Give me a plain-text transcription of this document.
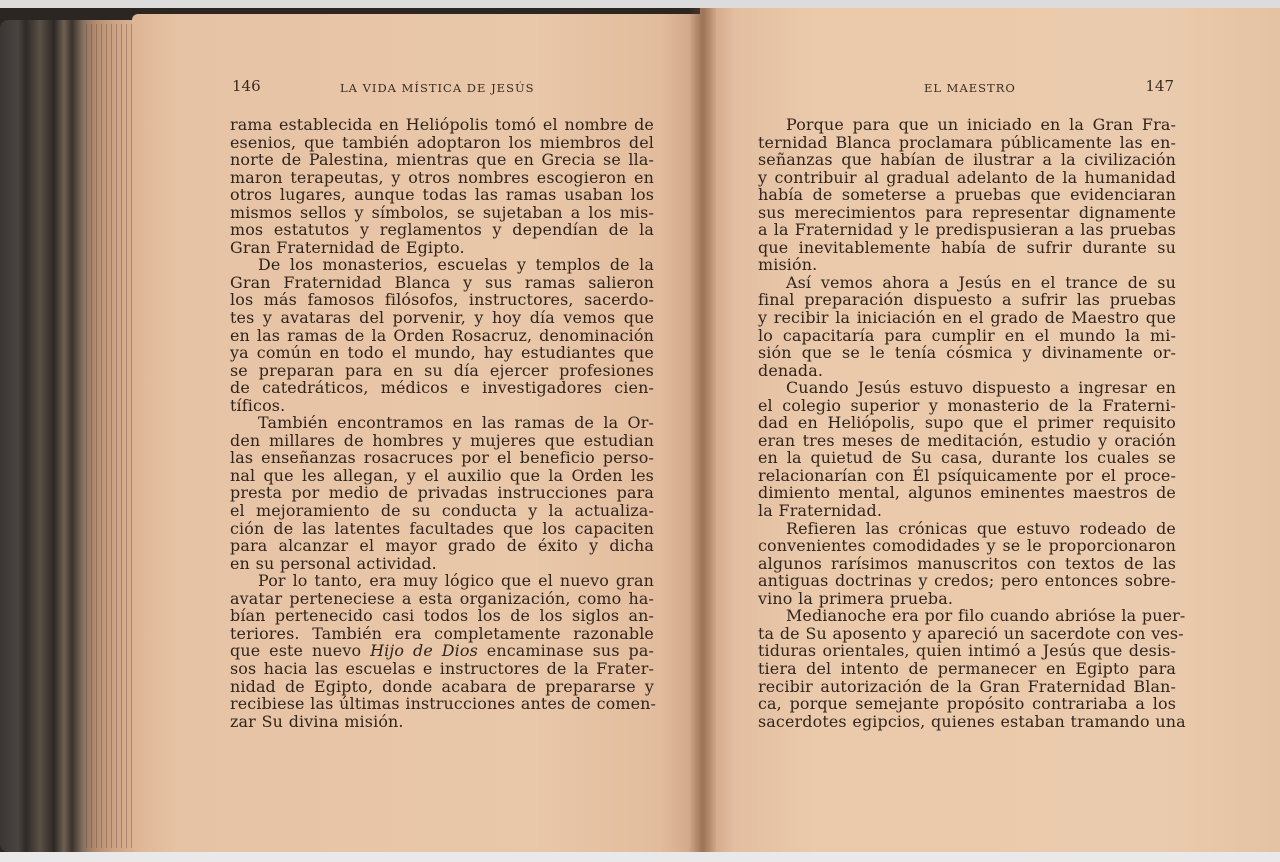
146	LA VIDA MÍSTICA DE JESÚS	EL MAESTRO	147
rama establecida en Heliópolis tomó el nombre de
esenios, que también adoptaron los miembros del
norte de Palestina, mientras que en Grecia se lla-
maron terapeutas, y otros nombres escogieron en
otros lugares, aunque todas las ramas usaban los
mismos sellos y símbolos, se sujetaban a los mis-
mos estatutos y reglamentos y dependían de la
Gran Fraternidad de Egipto.
De los monasterios, escuelas y templos de la
Gran Fraternidad Blanca y sus ramas salieron
los más famosos filósofos, instructores, sacerdo-
tes y avataras del porvenir, y hoy día vemos que
en las ramas de la Orden Rosacruz, denominación
ya común en todo el mundo, hay estudiantes que
se preparan para en su día ejercer profesiones
de catedráticos, médicos e investigadores cien-
tíficos.
También encontramos en las ramas de la Or-
den millares de hombres y mujeres que estudian
las enseñanzas rosacruces por el beneficio perso-
nal que les allegan, y el auxilio que la Orden les
presta por medio de privadas instrucciones para
el mejoramiento de su conducta y la actualiza-
ción de las latentes facultades que los capaciten
para alcanzar el mayor grado de éxito y dicha
en su personal actividad.
Por lo tanto, era muy lógico que el nuevo gran
avatar perteneciese a esta organización, como ha-
bían pertenecido casi todos los de los siglos an-
teriores. También era completamente razonable
que este nuevo Hijo de Dios encaminase sus pa-
sos hacia las escuelas e instructores de la Frater-
nidad de Egipto, donde acabara de prepararse y
recibiese las últimas instrucciones antes de comen-
zar Su divina misión.
Porque para que un iniciado en la Gran Fra-
ternidad Blanca proclamara públicamente las en-
señanzas que habían de ilustrar a la civilización
y contribuir al gradual adelanto de la humanidad
había de someterse a pruebas que evidenciaran
sus merecimientos para representar dignamente
a la Fraternidad y le predispusieran a las pruebas
que inevitablemente había de sufrir durante su
misión.
Así vemos ahora a Jesús en el trance de su
final preparación dispuesto a sufrir las pruebas
y recibir la iniciación en el grado de Maestro que
lo capacitaría para cumplir en el mundo la mi-
sión que se le tenía cósmica y divinamente or-
denada.
Cuando Jesús estuvo dispuesto a ingresar en
el colegio superior y monasterio de la Fraterni-
dad en Heliópolis, supo que el primer requisito
eran tres meses de meditación, estudio y oración
en la quietud de Su casa, durante los cuales se
relacionarían con Él psíquicamente por el proce-
dimiento mental, algunos eminentes maestros de
la Fraternidad.
Refieren las crónicas que estuvo rodeado de
convenientes comodidades y se le proporcionaron
algunos rarísimos manuscritos con textos de las
antiguas doctrinas y credos; pero entonces sobre-
vino la primera prueba.
Medianoche era por filo cuando abrióse la puer-
ta de Su aposento y apareció un sacerdote con ves-
tiduras orientales, quien intimó a Jesús que desis-
tiera del intento de permanecer en Egipto para
recibir autorización de la Gran Fraternidad Blan-
ca, porque semejante propósito contrariaba a los
sacerdotes egipcios, quienes estaban tramando una
